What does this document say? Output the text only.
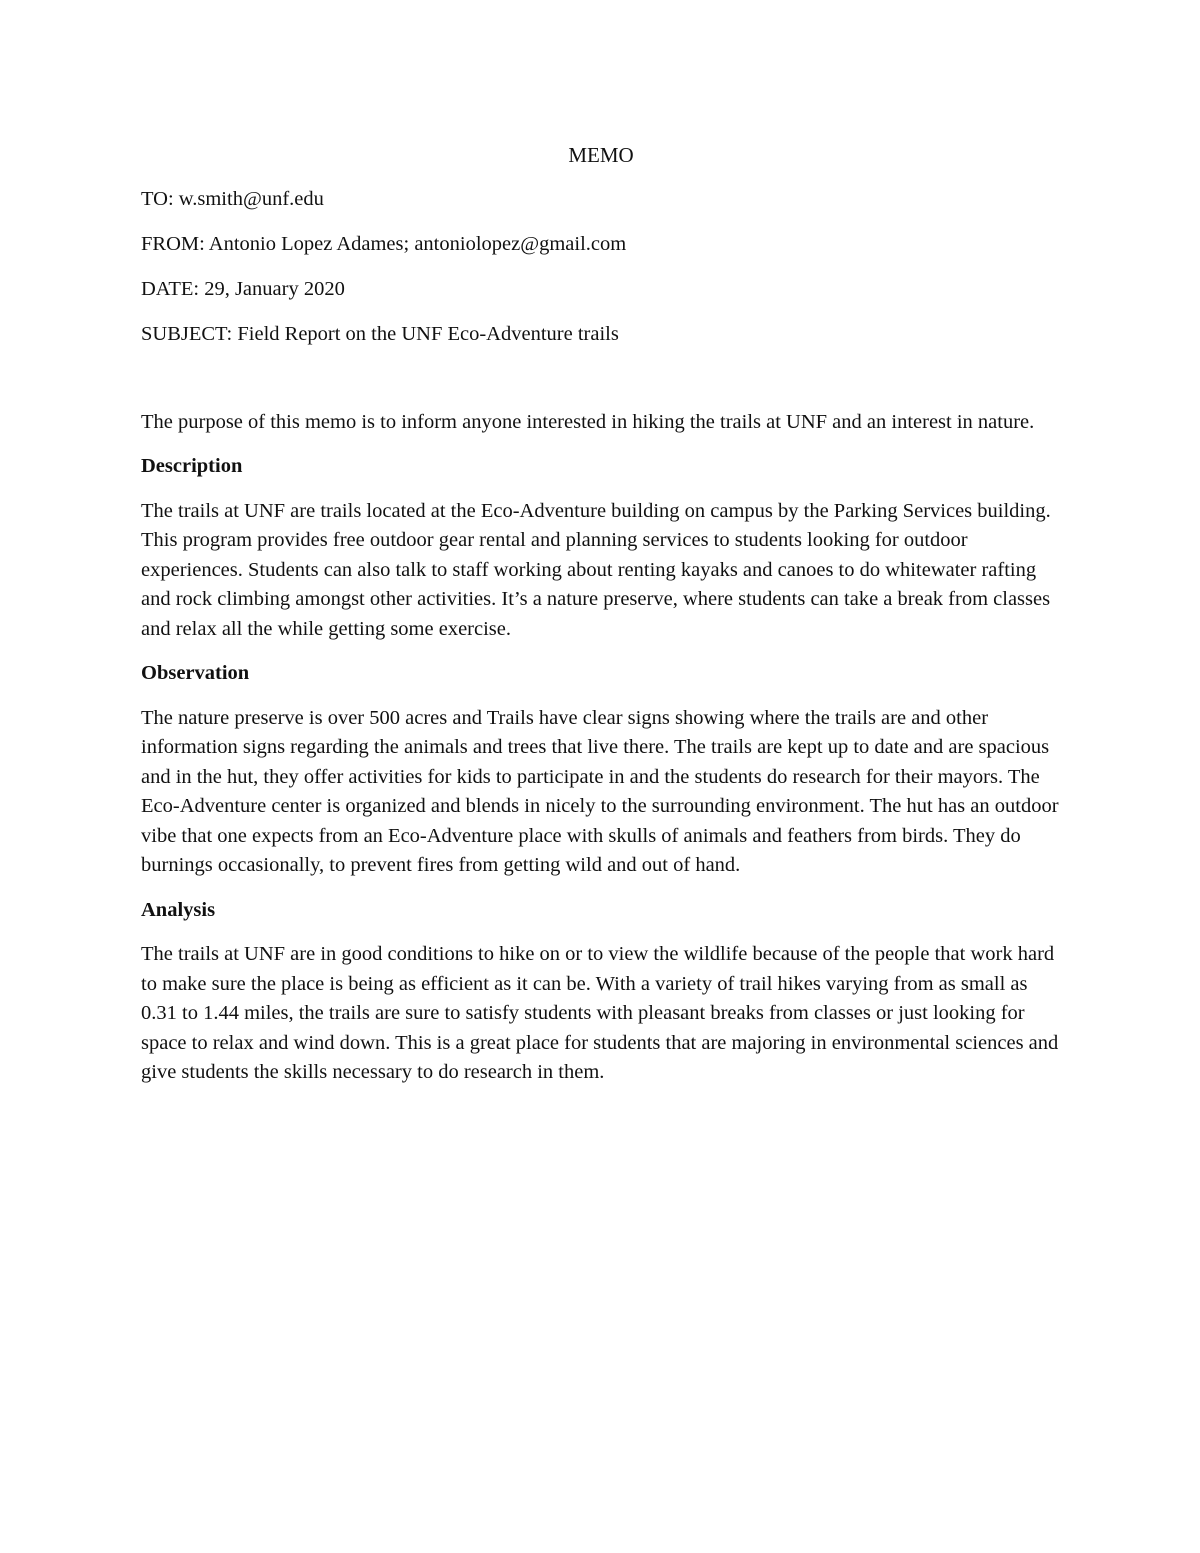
MEMO
TO: w.smith@unf.edu
FROM: Antonio Lopez Adames; antoniolopez@gmail.com
DATE: 29, January 2020
SUBJECT: Field Report on the UNF Eco-Adventure trails

The purpose of this memo is to inform anyone interested in hiking the trails at UNF and an interest in nature.

Description

The trails at UNF are trails located at the Eco-Adventure building on campus by the Parking Services building. This program provides free outdoor gear rental and planning services to students looking for outdoor experiences. Students can also talk to staff working about renting kayaks and canoes to do whitewater rafting and rock climbing amongst other activities. It’s a nature preserve, where students can take a break from classes and relax all the while getting some exercise.

Observation

The nature preserve is over 500 acres and Trails have clear signs showing where the trails are and other information signs regarding the animals and trees that live there. The trails are kept up to date and are spacious and in the hut, they offer activities for kids to participate in and the students do research for their mayors. The Eco-Adventure center is organized and blends in nicely to the surrounding environment. The hut has an outdoor vibe that one expects from an Eco-Adventure place with skulls of animals and feathers from birds. They do burnings occasionally, to prevent fires from getting wild and out of hand.

Analysis

The trails at UNF are in good conditions to hike on or to view the wildlife because of the people that work hard to make sure the place is being as efficient as it can be. With a variety of trail hikes varying from as small as 0.31 to 1.44 miles, the trails are sure to satisfy students with pleasant breaks from classes or just looking for space to relax and wind down. This is a great place for students that are majoring in environmental sciences and give students the skills necessary to do research in them.
